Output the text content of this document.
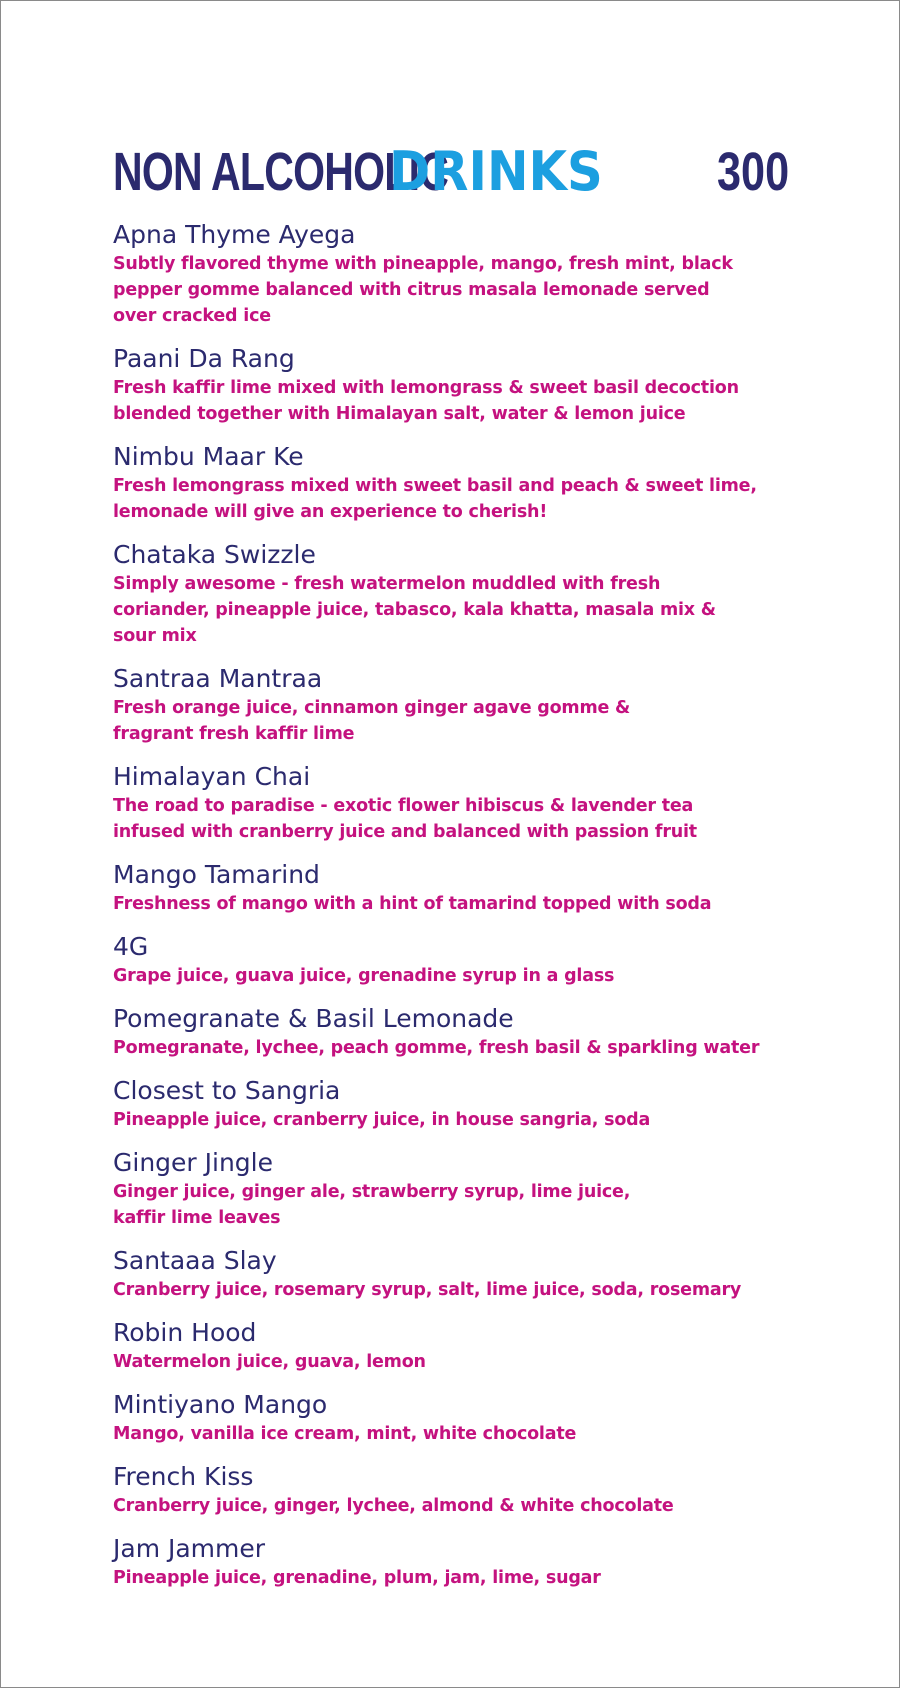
NON ALCOHOLIC
DRINKS 300
Apna Thyme Ayega
Subtly flavored thyme with pineapple, mango, fresh mint, black
pepper gomme balanced with citrus masala lemonade served
over cracked ice
Paani Da Rang
Fresh kaffir lime mixed with lemongrass & sweet basil decoction
blended together with Himalayan salt, water & lemon juice
Nimbu Maar Ke
Fresh lemongrass mixed with sweet basil and peach & sweet lime,
lemonade will give an experience to cherish!
Chataka Swizzle
Simply awesome - fresh watermelon muddled with fresh
coriander, pineapple juice, tabasco, kala khatta, masala mix &
sour mix
Santraa Mantraa
Fresh orange juice, cinnamon ginger agave gomme &
fragrant fresh kaffir lime
Himalayan Chai
The road to paradise - exotic flower hibiscus & lavender tea
infused with cranberry juice and balanced with passion fruit
Mango Tamarind
Freshness of mango with a hint of tamarind topped with soda
4G
Grape juice, guava juice, grenadine syrup in a glass
Pomegranate & Basil Lemonade
Pomegranate, lychee, peach gomme, fresh basil & sparkling water
Closest to Sangria
Pineapple juice, cranberry juice, in house sangria, soda
Ginger Jingle
Ginger juice, ginger ale, strawberry syrup, lime juice,
kaffir lime leaves
Santaaa Slay
Cranberry juice, rosemary syrup, salt, lime juice, soda, rosemary
Robin Hood
Watermelon juice, guava, lemon
Mintiyano Mango
Mango, vanilla ice cream, mint, white chocolate
French Kiss
Cranberry juice, ginger, lychee, almond & white chocolate
Jam Jammer
Pineapple juice, grenadine, plum, jam, lime, sugar
